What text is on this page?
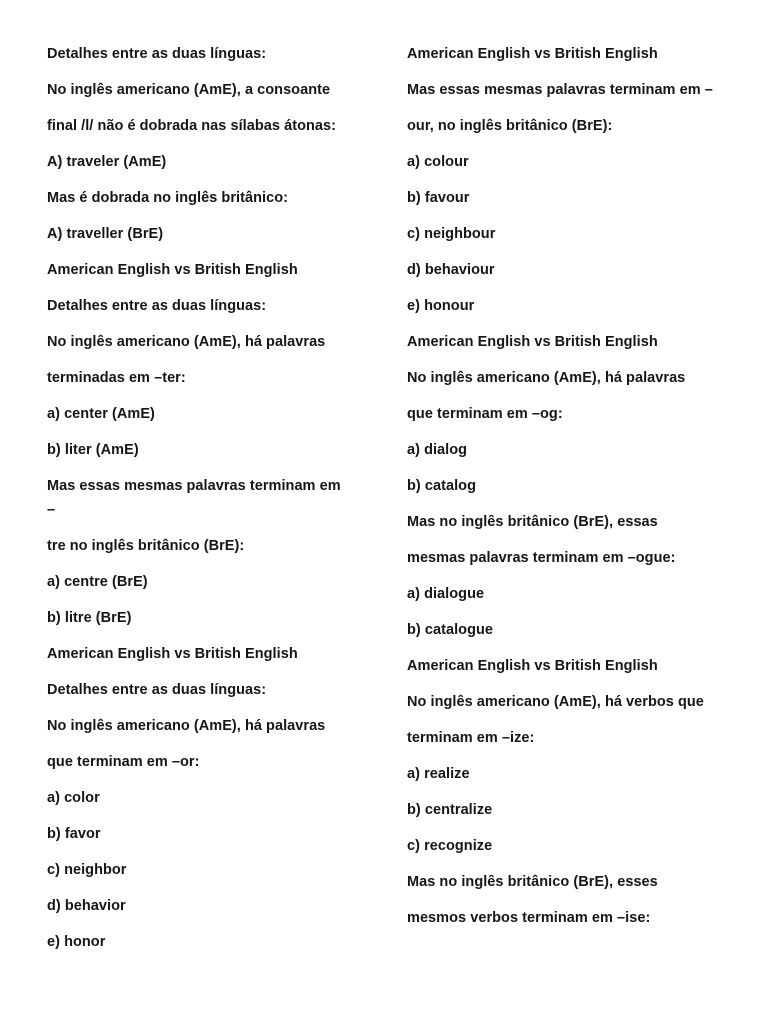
Detalhes entre as duas línguas:
No inglês americano (AmE), a consoante
final /l/ não é dobrada nas sílabas átonas:
A) traveler (AmE)
Mas é dobrada no inglês britânico:
A) traveller (BrE)
American English vs British English
Detalhes entre as duas línguas:
No inglês americano (AmE), há palavras
terminadas em –ter:
a) center (AmE)
b) liter (AmE)
Mas essas mesmas palavras terminam em –
tre no inglês britânico (BrE):
a) centre (BrE)
b) litre (BrE)
American English vs British English
Detalhes entre as duas línguas:
No inglês americano (AmE), há palavras
que terminam em –or:
a) color
b) favor
c) neighbor
d) behavior
e) honor
American English vs British English
Mas essas mesmas palavras terminam em –
our, no inglês britânico (BrE):
a) colour
b) favour
c) neighbour
d) behaviour
e) honour
American English vs British English
No inglês americano (AmE), há palavras
que terminam em –og:
a) dialog
b) catalog
Mas no inglês britânico (BrE), essas
mesmas palavras terminam em –ogue:
a) dialogue
b) catalogue
American English vs British English
No inglês americano (AmE), há verbos que
terminam em –ize:
a) realize
b) centralize
c) recognize
Mas no inglês britânico (BrE), esses
mesmos verbos terminam em –ise:
